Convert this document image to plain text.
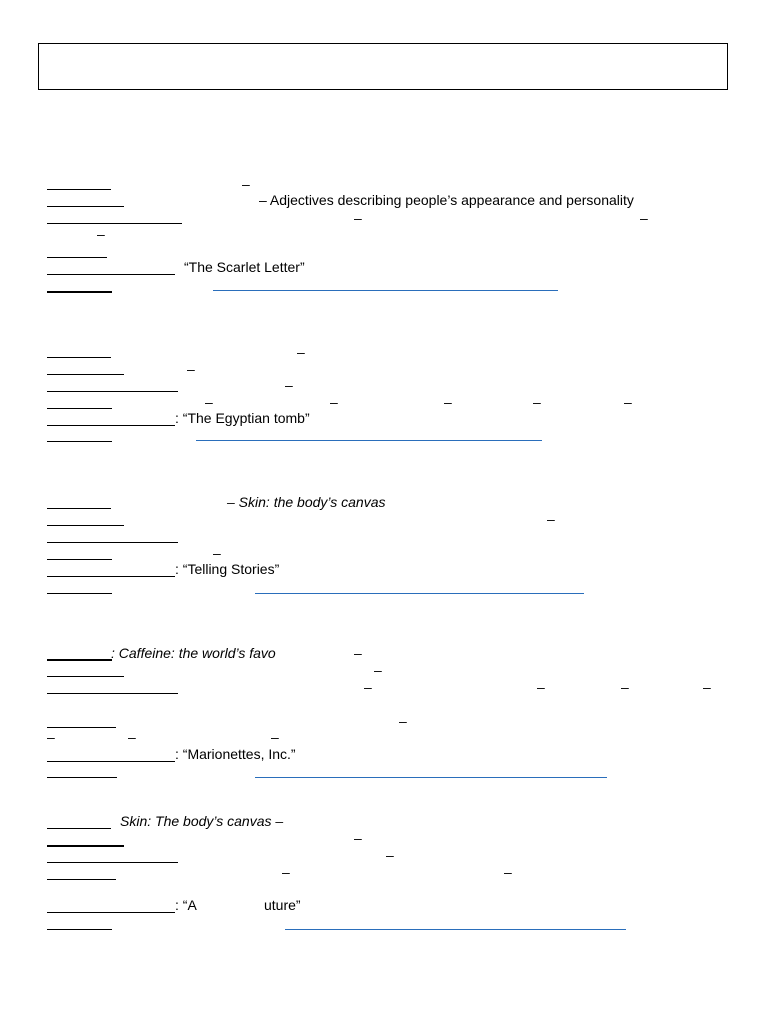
–
– Adjectives describing people’s appearance and personality
–	–
–
“The Scarlet Letter”
–
–
–
–	–	–	–	–
: “The Egyptian tomb”
– Skin: the body’s canvas
–
–
: “Telling Stories”
: Caffeine: the world’s favo	–
–
–	–	–	–
–
–	–	–
: “Marionettes, Inc.”
Skin: The body’s canvas –
–
–
–	–
: “A	uture”
